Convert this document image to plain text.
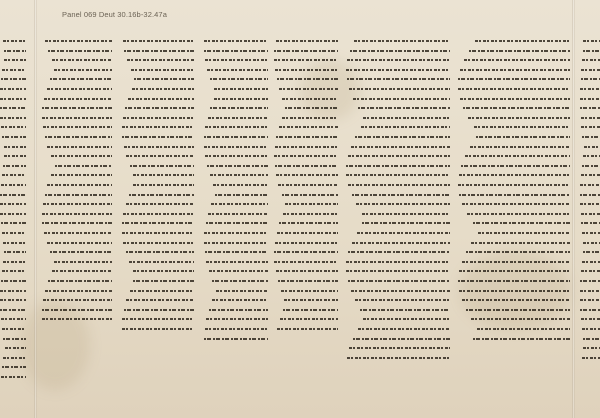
Panel 069 Deut 30.16b-32.47a
